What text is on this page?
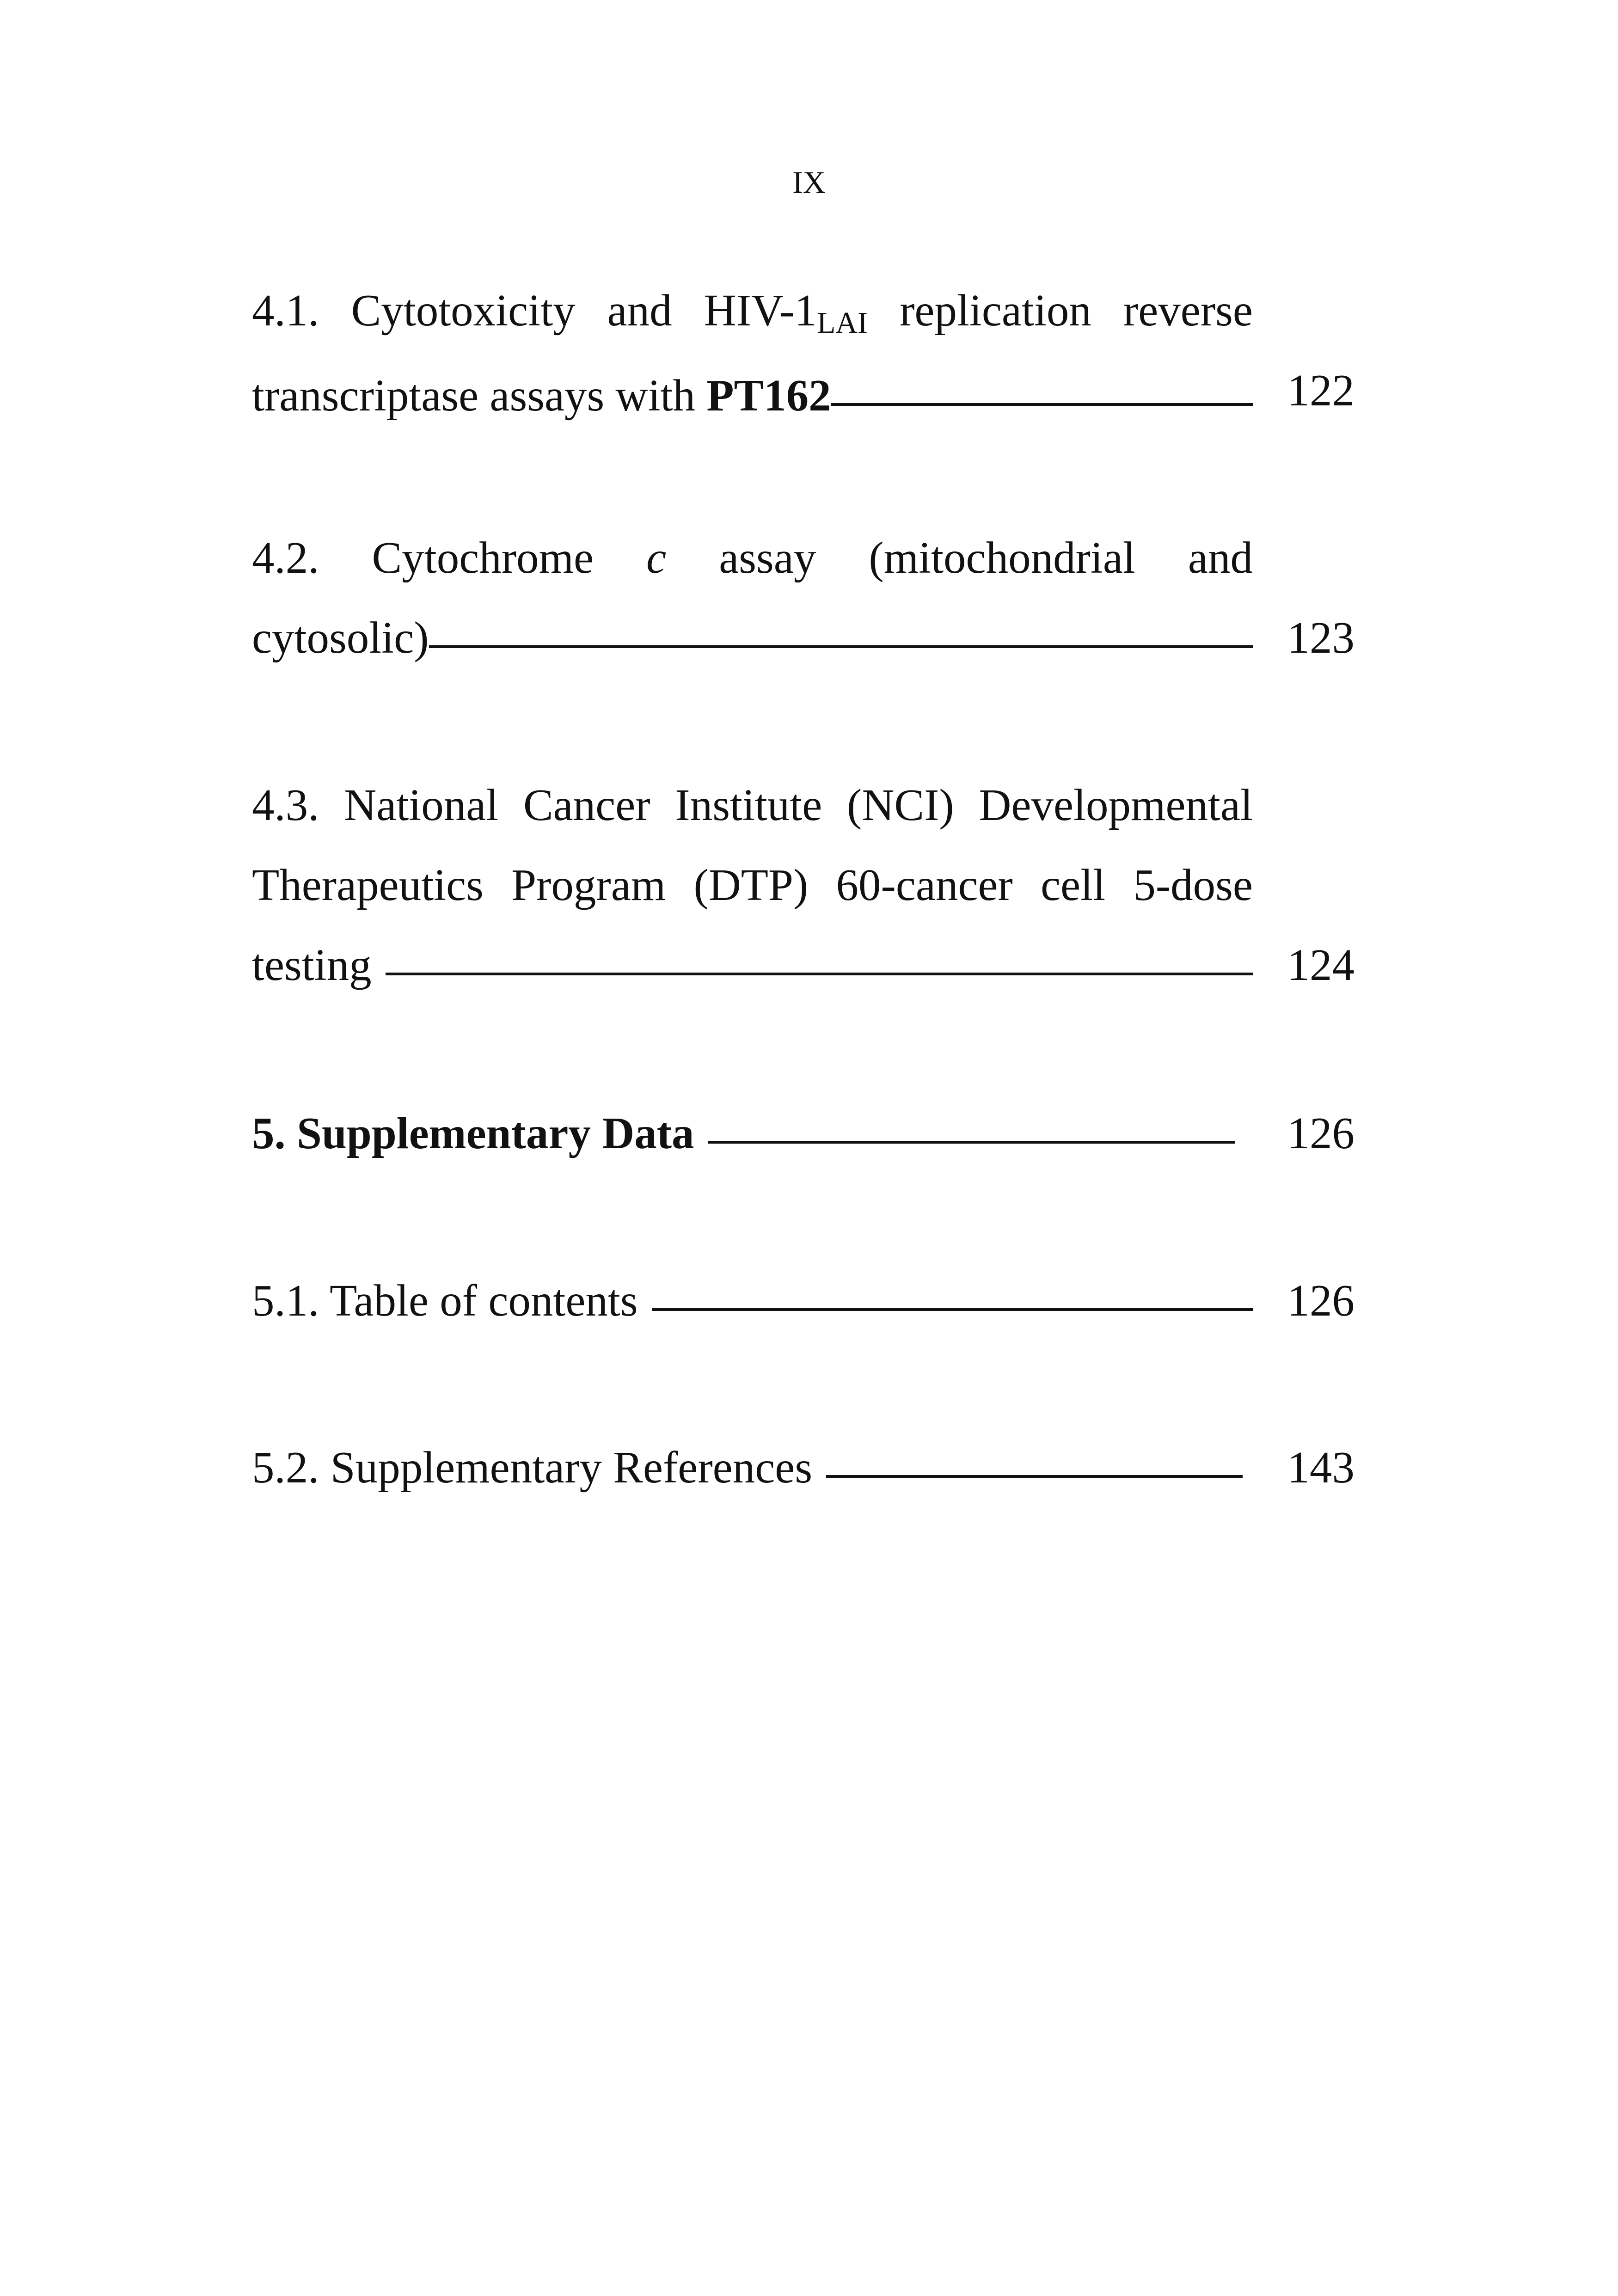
IX
4.1. Cytotoxicity and HIV-1LAI replication reverse
transcriptase assays with PT162	122
4.2. Cytochrome c assay (mitochondrial and
cytosolic)	123
4.3. National Cancer Institute (NCI) Developmental
Therapeutics Program (DTP) 60-cancer cell 5-dose
testing	124
5. Supplementary Data	126
5.1. Table of contents	126
5.2. Supplementary References	143
